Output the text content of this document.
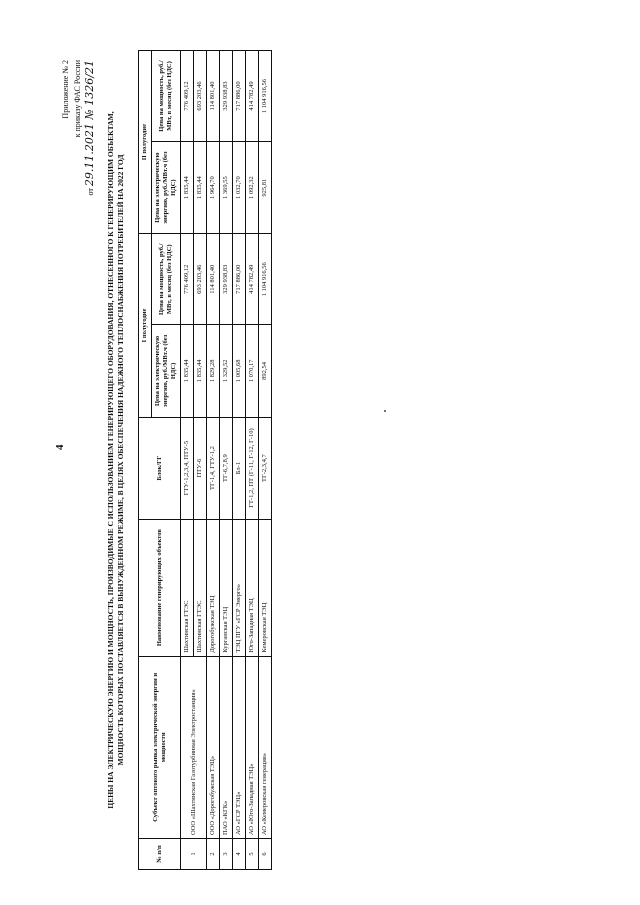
4
Приложение № 2 к приказу ФАС России
от 29.11.2021 № 1326/21 ЦЕНЫ НА ЭЛЕКТРИЧЕСКУЮ ЭНЕРГИЮ И МОЩНОСТЬ, ПРОИЗВОДИМЫЕ С ИСПОЛЬЗОВАНИЕМ ГЕНЕРИРУЮЩЕГО ОБОРУДОВАНИЯ, ОТНЕСЕННОГО К ГЕНЕРИРУЮЩИМ ОБЪЕКТАМ, МОЩНОСТЬ КОТОРЫХ ПОСТАВЛЯЕТСЯ В ВЫНУЖДЕННОМ РЕЖИМЕ, В ЦЕЛЯХ ОБЕСПЕЧЕНИЯ НАДЕЖНОГО ТЕПЛОСНАБЖЕНИЯ ПОТРЕБИТЕЛЕЙ НА 2022 ГОД
№ п/п	Субъект оптового рынка электрической энергии и мощности	Наименование генерирующих объектов	Блок/ГГ	I полугодие		II полугодие	
				Цена на электрическую энергию, руб./МВт.ч (без НДС)	Цена на мощность, руб./МВт, в месяц (без НДС)	Цена на электрическую энергию, руб./МВт.ч (без НДС)	Цена на мощность, руб./МВт, в месяц (без НДС)
1	ООО «Шахтинская Газотурбинная Электростанция»	Шахтинская ГТЭС	ГТУ-1,2,3,4, ПТУ-5	1 835,44	776 409,12	1 835,44	776 409,12
		Шахтинская ГТЭС	ПТУ-6	1 835,44	693 203,46	1 835,44	693 203,46
2	ООО «Дорогобужская ТЭЦ»	Дорогобужская ТЭЦ	ТГ-1,4, ГТУ-1,2	1 829,28	114 801,40	1 964,70	114 801,40
3	ПАО «КГК»	Курганская ТЭЦ	ТГ-6,7,8,9	1 329,52	329 938,83	1 369,55	329 938,83
4	АО «ГСР ТЭЦ»	ТЭЦ ПГУ «ГСР Энерго»	Бл-1	1 005,68	717 886,00	1 032,70	717 886,00
5	АО «Юго-Западная ТЭЦ»	Юго-Западная ТЭЦ	ГТ-1,2, ПТ (Г-11, Г-12, Г-10)	1 070,17	414 782,49	1 092,32	414 782,49
6	АО «Кемеровская генерация»	Кемеровская ТЭЦ	ТГ-2,3,4,7	892,54	1 104 916,56	925,81	1 104 916,56
